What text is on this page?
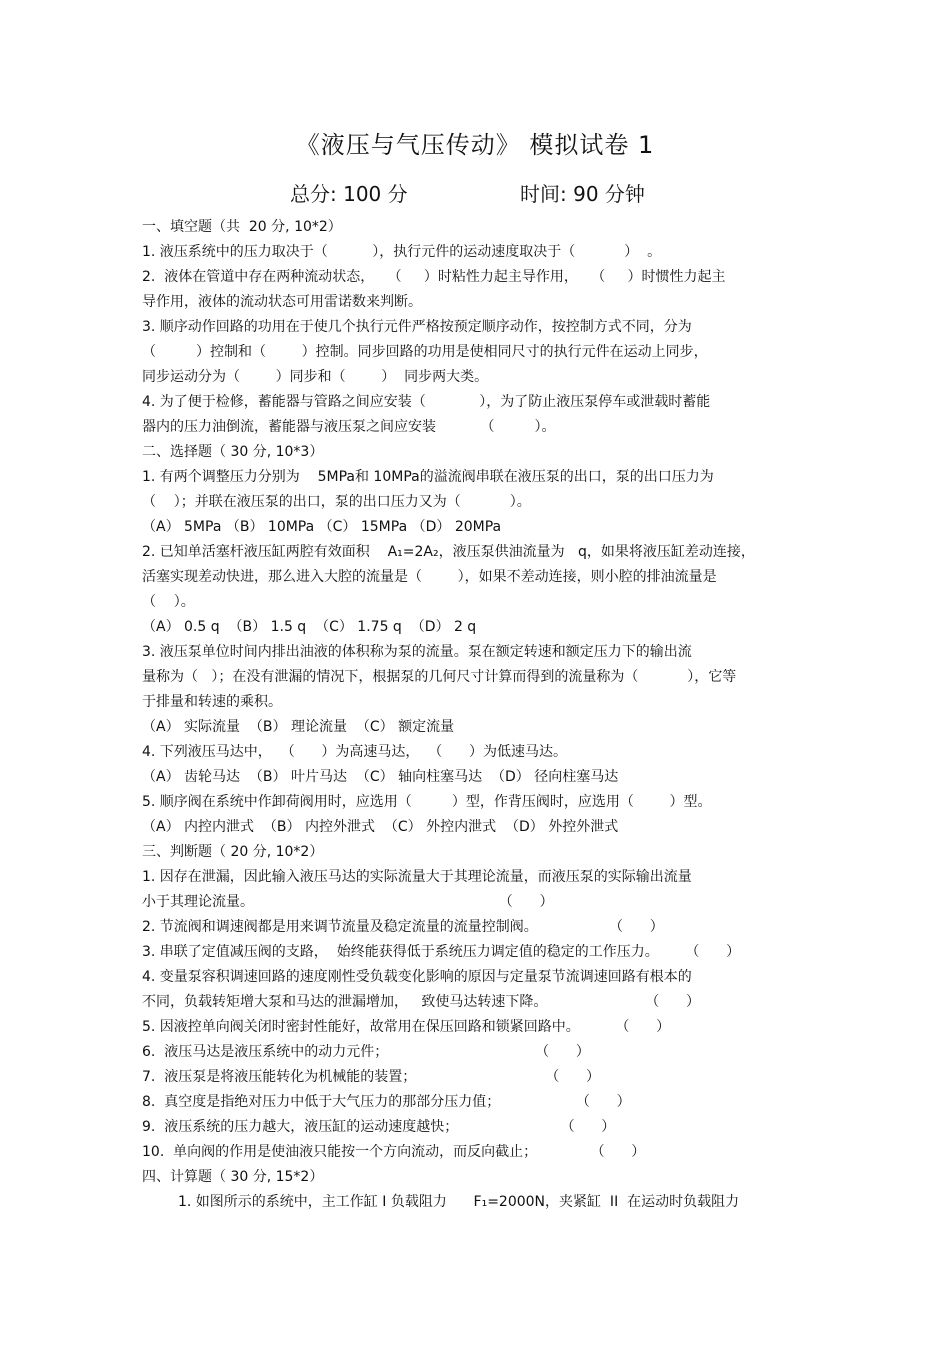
《液压与气压传动》 模拟试卷 1
总分: 100 分	时间: 90 分钟
一、填空题（共  20 分, 10*2）
1. 液压系统中的压力取决于（          ），执行元件的运动速度取决于（           ）  。
2.  液体在管道中存在两种流动状态，   （     ）时粘性力起主导作用，   （     ）时惯性力起主
导作用，液体的流动状态可用雷诺数来判断。
3. 顺序动作回路的功用在于使几个执行元件严格按预定顺序动作，按控制方式不同，分为
（         ）控制和（        ）控制。同步回路的功用是使相同尺寸的执行元件在运动上同步，
同步运动分为（        ）同步和（        ）  同步两大类。
4. 为了便于检修，蓄能器与管路之间应安装（            ），为了防止液压泵停车或泄载时蓄能
器内的压力油倒流，蓄能器与液压泵之间应安装          （         ）。
二、选择题（ 30 分, 10*3）
1. 有两个调整压力分别为    5MPa和 10MPa的溢流阀串联在液压泵的出口，泵的出口压力为
（    ）；并联在液压泵的出口，泵的出口压力又为（           ）。
（A） 5MPa （B） 10MPa （C） 15MPa （D） 20MPa
2. 已知单活塞杆液压缸两腔有效面积    A₁=2A₂，液压泵供油流量为   q，如果将液压缸差动连接，
活塞实现差动快进，那么进入大腔的流量是（        ），如果不差动连接，则小腔的排油流量是
（    ）。
（A） 0.5 q  （B） 1.5 q  （C） 1.75 q  （D） 2 q
3. 液压泵单位时间内排出油液的体积称为泵的流量。泵在额定转速和额定压力下的输出流
量称为（   ）；在没有泄漏的情况下，根据泵的几何尺寸计算而得到的流量称为（           ），它等
于排量和转速的乘积。
（A） 实际流量  （B） 理论流量  （C） 额定流量
4. 下列液压马达中，  （      ）为高速马达，  （      ）为低速马达。
（A） 齿轮马达  （B） 叶片马达  （C） 轴向柱塞马达  （D） 径向柱塞马达
5. 顺序阀在系统中作卸荷阀用时，应选用（         ）型，作背压阀时，应选用（        ）型。
（A） 内控内泄式  （B） 内控外泄式  （C） 外控内泄式  （D） 外控外泄式
三、判断题（ 20 分, 10*2）
1. 因存在泄漏，因此输入液压马达的实际流量大于其理论流量，而液压泵的实际输出流量
小于其理论流量。                                                       （      ）
2. 节流阀和调速阀都是用来调节流量及稳定流量的流量控制阀。                （      ）
3. 串联了定值减压阀的支路，  始终能获得低于系统压力调定值的稳定的工作压力。      （      ）
4. 变量泵容积调速回路的速度刚性受负载变化影响的原因与定量泵节流调速回路有根本的
不同，负载转矩增大泵和马达的泄漏增加，   致使马达转速下降。                      （      ）
5. 因液控单向阀关闭时密封性能好，故常用在保压回路和锁紧回路中。        （      ）
6.  液压马达是液压系统中的动力元件；                                 （      ）
7.  液压泵是将液压能转化为机械能的装置；                             （      ）
8.  真空度是指绝对压力中低于大气压力的那部分压力值；                 （      ）
9.  液压系统的压力越大，液压缸的运动速度越快；                       （      ）
10.  单向阀的作用是使油液只能按一个方向流动，而反向截止；            （      ）
四、计算题（ 30 分, 15*2）
1. 如图所示的系统中，主工作缸 I 负载阻力      F₁=2000N，夹紧缸  II  在运动时负载阻力
